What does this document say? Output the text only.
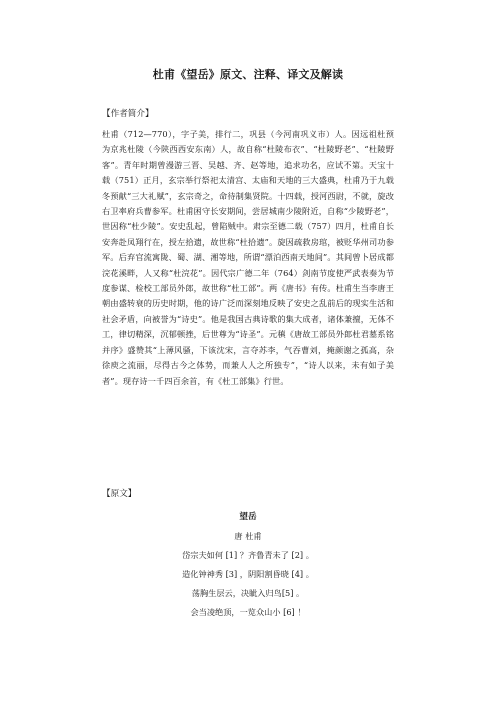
杜甫《望岳》原文、注释、译文及解读
【作者简介】

杜甫（712—770），字子美，排行二，巩县（今河南巩义市）人。因远祖杜预为京兆杜陵（今陕西西安东南）人，故自称“杜陵布衣”、“杜陵野老”、“杜陵野客”。青年时期曾漫游三晋、吴越、齐、赵等地，追求功名，应试不第。天宝十载（751）正月，玄宗举行祭祀太清宫、太庙和天地的三大盛典，杜甫乃于九载冬预献“三大礼赋”，玄宗奇之，命待制集贤院。十四载，授河西尉，不就，旋改右卫率府兵曹参军。杜甫困守长安期间，尝居城南少陵附近，自称“少陵野老”，世因称“杜少陵”。安史乱起，曾陷贼中。肃宗至德二载（757）四月，杜甫自长安奔赴凤翔行在，授左拾遗，故世称“杜拾遗”。旋因疏救房琯，被贬华州司功参军。后弃官流寓陇、蜀、湖、湘等地，所谓“漂泊西南天地间”。其间曾卜居成都浣花溪畔，人又称“杜浣花”。因代宗广德二年（764）剑南节度使严武表奏为节度参谋、检校工部员外郎，故世称“杜工部”。两《唐书》有传。杜甫生当李唐王朝由盛转衰的历史时期，他的诗广泛而深刻地反映了安史之乱前后的现实生活和社会矛盾，向被誉为“诗史”。他是我国古典诗歌的集大成者，诸体兼擅，无体不工，律切精深，沉郁顿挫，后世尊为“诗圣”。元稹《唐故工部员外郎杜君墓系铭并序》盛赞其“上薄风骚，下该沈宋，言夺苏李，气吞曹刘，掩颜谢之孤高，杂徐庾之流丽，尽得古今之体势，而兼人人之所独专”，“诗人以来，未有如子美者”。现存诗一千四百余首，有《杜工部集》行世。

【原文】
望岳
唐 杜甫
岱宗夫如何 [1] ？齐鲁青未了 [2] 。
造化钟神秀 [3] ，阴阳割昏晓 [4] 。
荡胸生层云，决眦入归鸟[5] 。
会当凌绝顶，一览众山小 [6] ！
